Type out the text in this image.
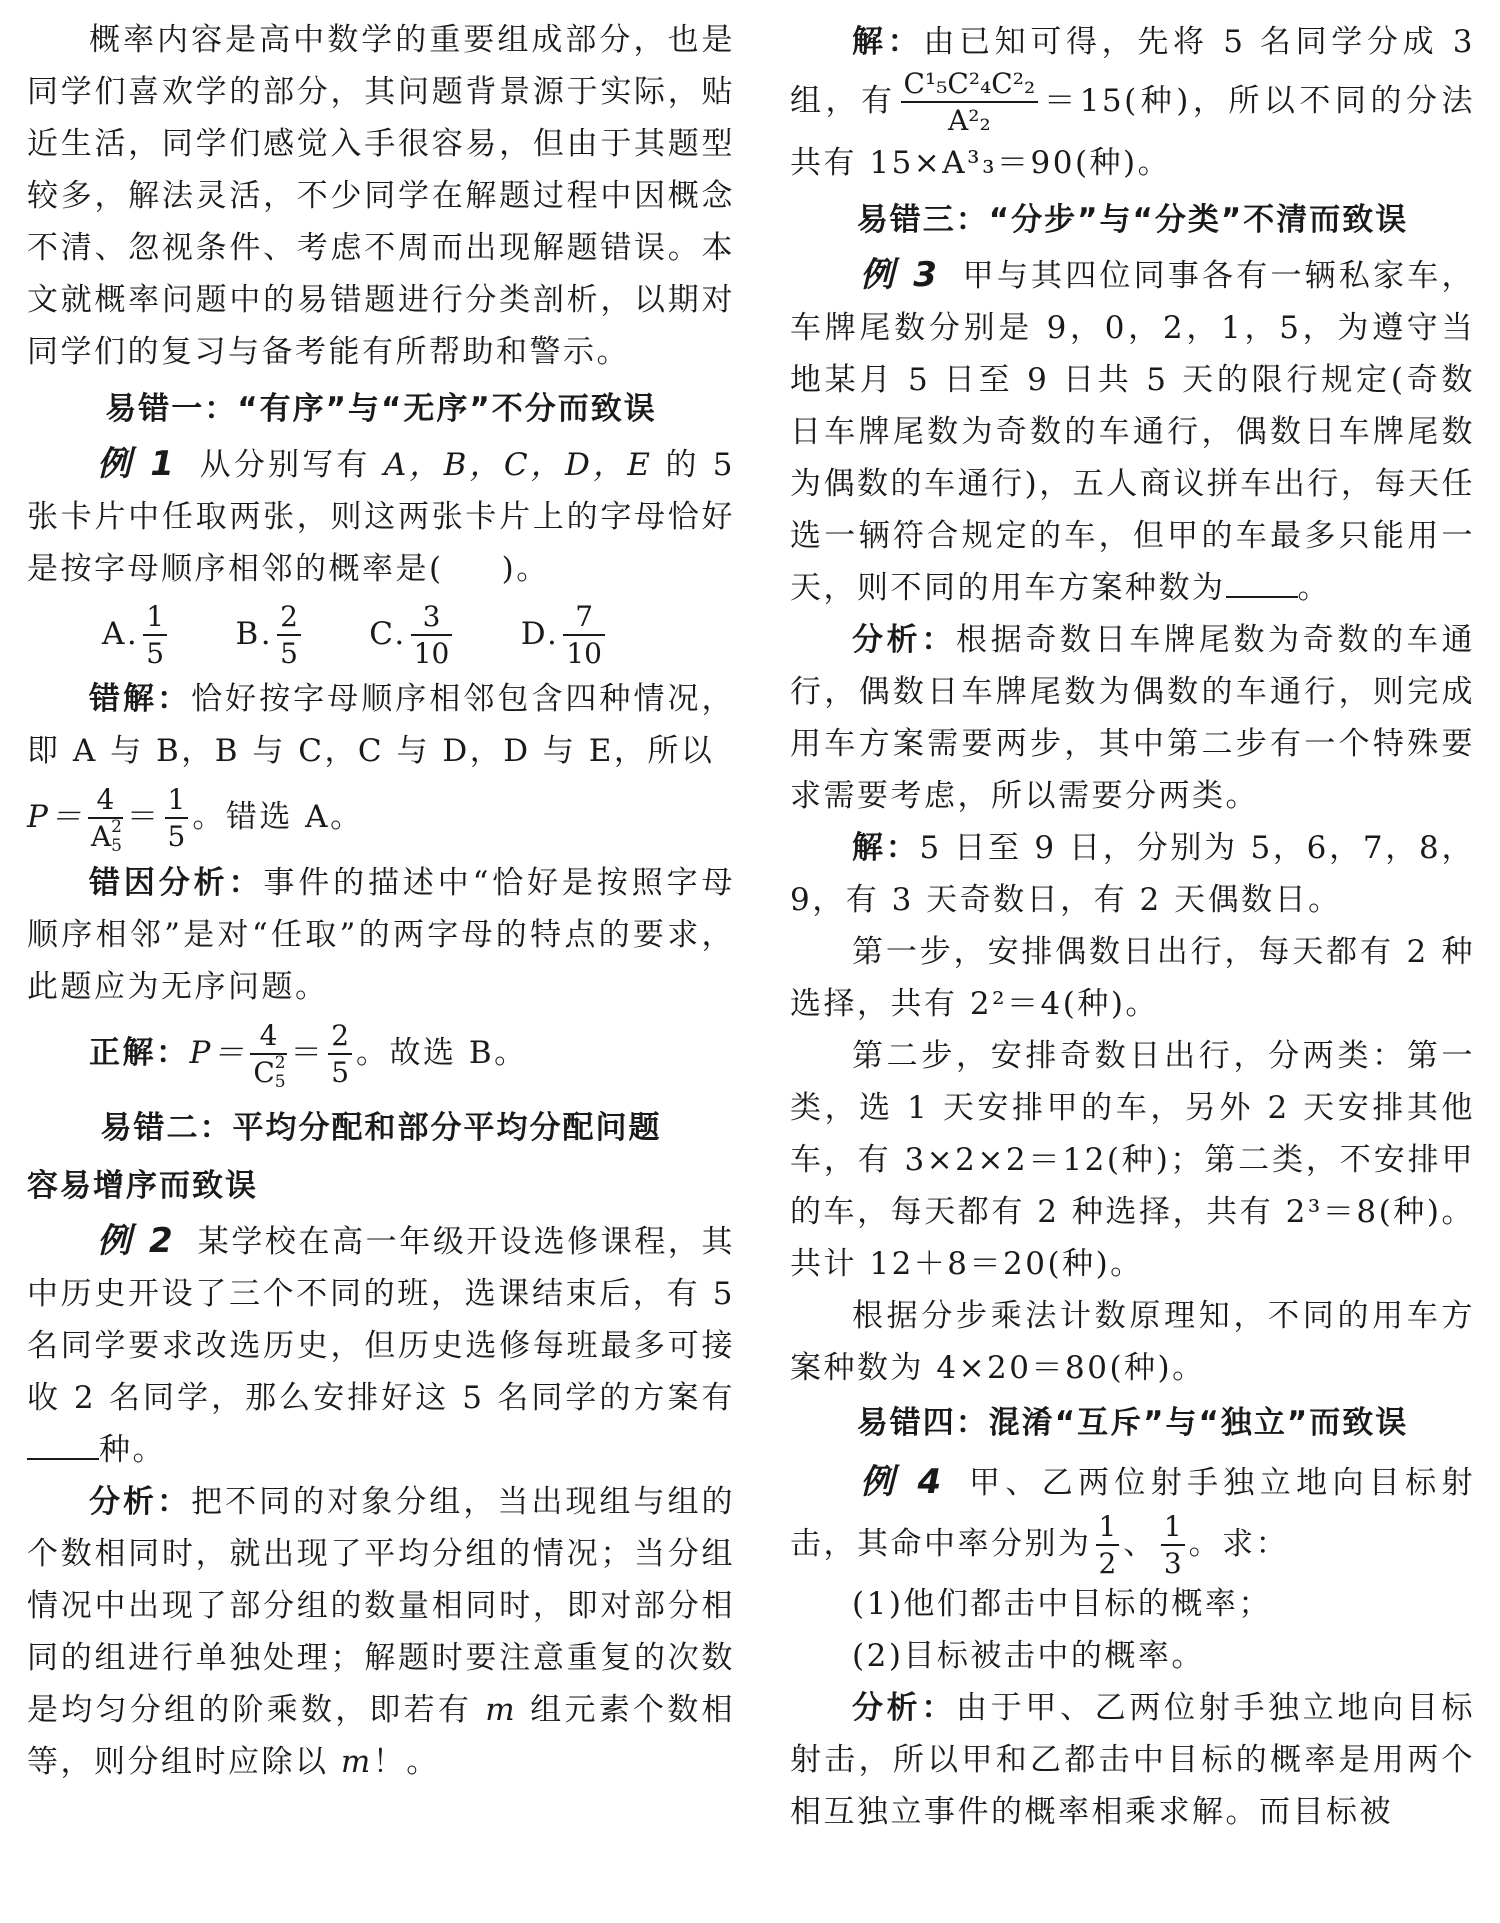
概率内容是高中数学的重要组成部分，也是同学们喜欢学的部分，其问题背景源于实际，贴近生活，同学们感觉入手很容易，但由于其题型较多，解法灵活，不少同学在解题过程中因概念不清、忽视条件、考虑不周而出现解题错误。本文就概率问题中的易错题进行分类剖析，以期对同学们的复习与备考能有所帮助和警示。

易错一：“有序”与“无序”不分而致误

例 1 从分别写有 A，B，C，D，E 的 5 张卡片中任取两张，则这两张卡片上的字母恰好是按字母顺序相邻的概率是( )。

A. $\frac{1}{5} B$. $\frac{2}{5} C$. $\frac{3}{10} D$. $\frac{7}{10}$

错解：恰好按字母顺序相邻包含四种情况，即 A 与 B，B 与 C，C 与 D，D 与 E，所以

P＝ 4
A 2
5
＝ $\frac{1}{5}$ 。错选 A。

错因分析：事件的描述中“恰好是按照字母顺序相邻”是对“任取”的两字母的特点的要求，此题应为无序问题。

正解：P＝ 4
C 2
5
＝ $\frac{2}{5}$ 。故选 B。

易错二：平均分配和部分平均分配问题

容易增序而致误

例 2 某学校在高一年级开设选修课程，其中历史开设了三个不同的班，选课结束后，有 5 名同学要求改选历史，但历史选修每班最多可接收 2 名同学，那么安排好这 5 名同学的方案有种。

分析：把不同的对象分组，当出现组与组的个数相同时，就出现了平均分组的情况；当分组情况中出现了部分组的数量相同时，即对部分相同的组进行单独处理；解题时要注意重复的次数是均匀分组的阶乘数，即若有 m 组元素个数相等，则分组时应除以 m！。

解：由已知可得，先将 5 名同学分成 3 组，有 $\frac{\text{C¹₅C²₄C²₂}}{\text{A²₂}} =15$(种)，所以不同的分法共有 15×A³₃＝90(种)。

易错三：“分步”与“分类”不清而致误

例 3 甲与其四位同事各有一辆私家车，车牌尾数分别是 9，0，2，1，5，为遵守当地某月 5 日至 9 日共 5 天的限行规定(奇数日车牌尾数为奇数的车通行，偶数日车牌尾数为偶数的车通行)，五人商议拼车出行，每天任选一辆符合规定的车，但甲的车最多只能用一天，则不同的用车方案种数为 。

分析：根据奇数日车牌尾数为奇数的车通行，偶数日车牌尾数为偶数的车通行，则完成用车方案需要两步，其中第二步有一个特殊要求需要考虑，所以需要分两类。

解：5 日至 9 日，分别为 5，6，7，8，9，有 3 天奇数日，有 2 天偶数日。

第一步，安排偶数日出行，每天都有 2 种选择，共有 2²＝4(种)。

第二步，安排奇数日出行，分两类：第一类，选 1 天安排甲的车，另外 2 天安排其他车，有 3×2×2＝12(种)；第二类，不安排甲的车，每天都有 2 种选择，共有 2³＝8(种)。共计 12＋8＝20(种)。

根据分步乘法计数原理知，不同的用车方案种数为 4×20＝80(种)。

易错四：混淆“互斥”与“独立”而致误

例 4 甲、乙两位射手独立地向目标射击，其命中率分别为 $\frac{1}{2}$ 、 $\frac{1}{3}$ 。求：

(1)他们都击中目标的概率；

(2)目标被击中的概率。

分析：由于甲、乙两位射手独立地向目标射击，所以甲和乙都击中目标的概率是用两个相互独立事件的概率相乘求解。而目标被
